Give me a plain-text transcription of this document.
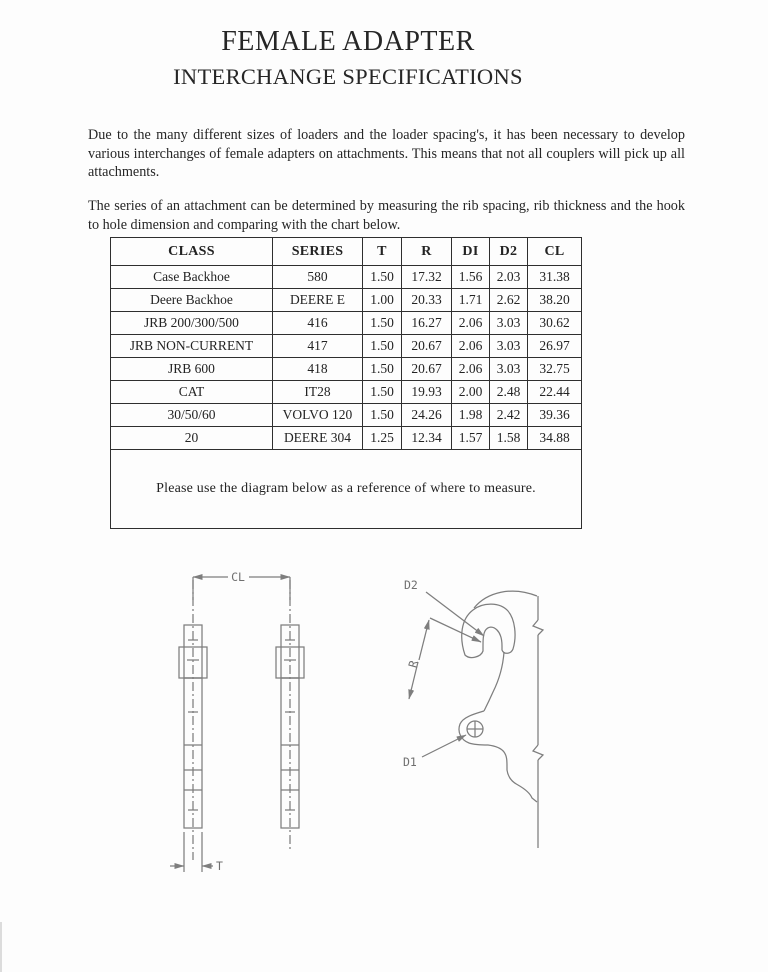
FEMALE ADAPTER
INTERCHANGE SPECIFICATIONS

Due to the many different sizes of loaders and the loader spacing's, it has been necessary to develop various interchanges of female adapters on attachments. This means that not all couplers will pick up all attachments.

The series of an attachment can be determined by measuring the rib spacing, rib thickness and the hook to hole dimension and comparing with the chart below.

CLASS	SERIES	T	R	DI	D2	CL
Case Backhoe	580	1.50	17.32	1.56	2.03	31.38
Deere Backhoe	DEERE E	1.00	20.33	1.71	2.62	38.20
JRB 200/300/500	416	1.50	16.27	2.06	3.03	30.62
JRB NON-CURRENT	417	1.50	20.67	2.06	3.03	26.97
JRB 600	418	1.50	20.67	2.06	3.03	32.75
CAT	IT28	1.50	19.93	2.00	2.48	22.44
30/50/60	VOLVO 120	1.50	24.26	1.98	2.42	39.36
20	DEERE 304	1.25	12.34	1.57	1.58	34.88
Please use the diagram below as a reference of where to measure.						
CL
T
D2
R
D1
